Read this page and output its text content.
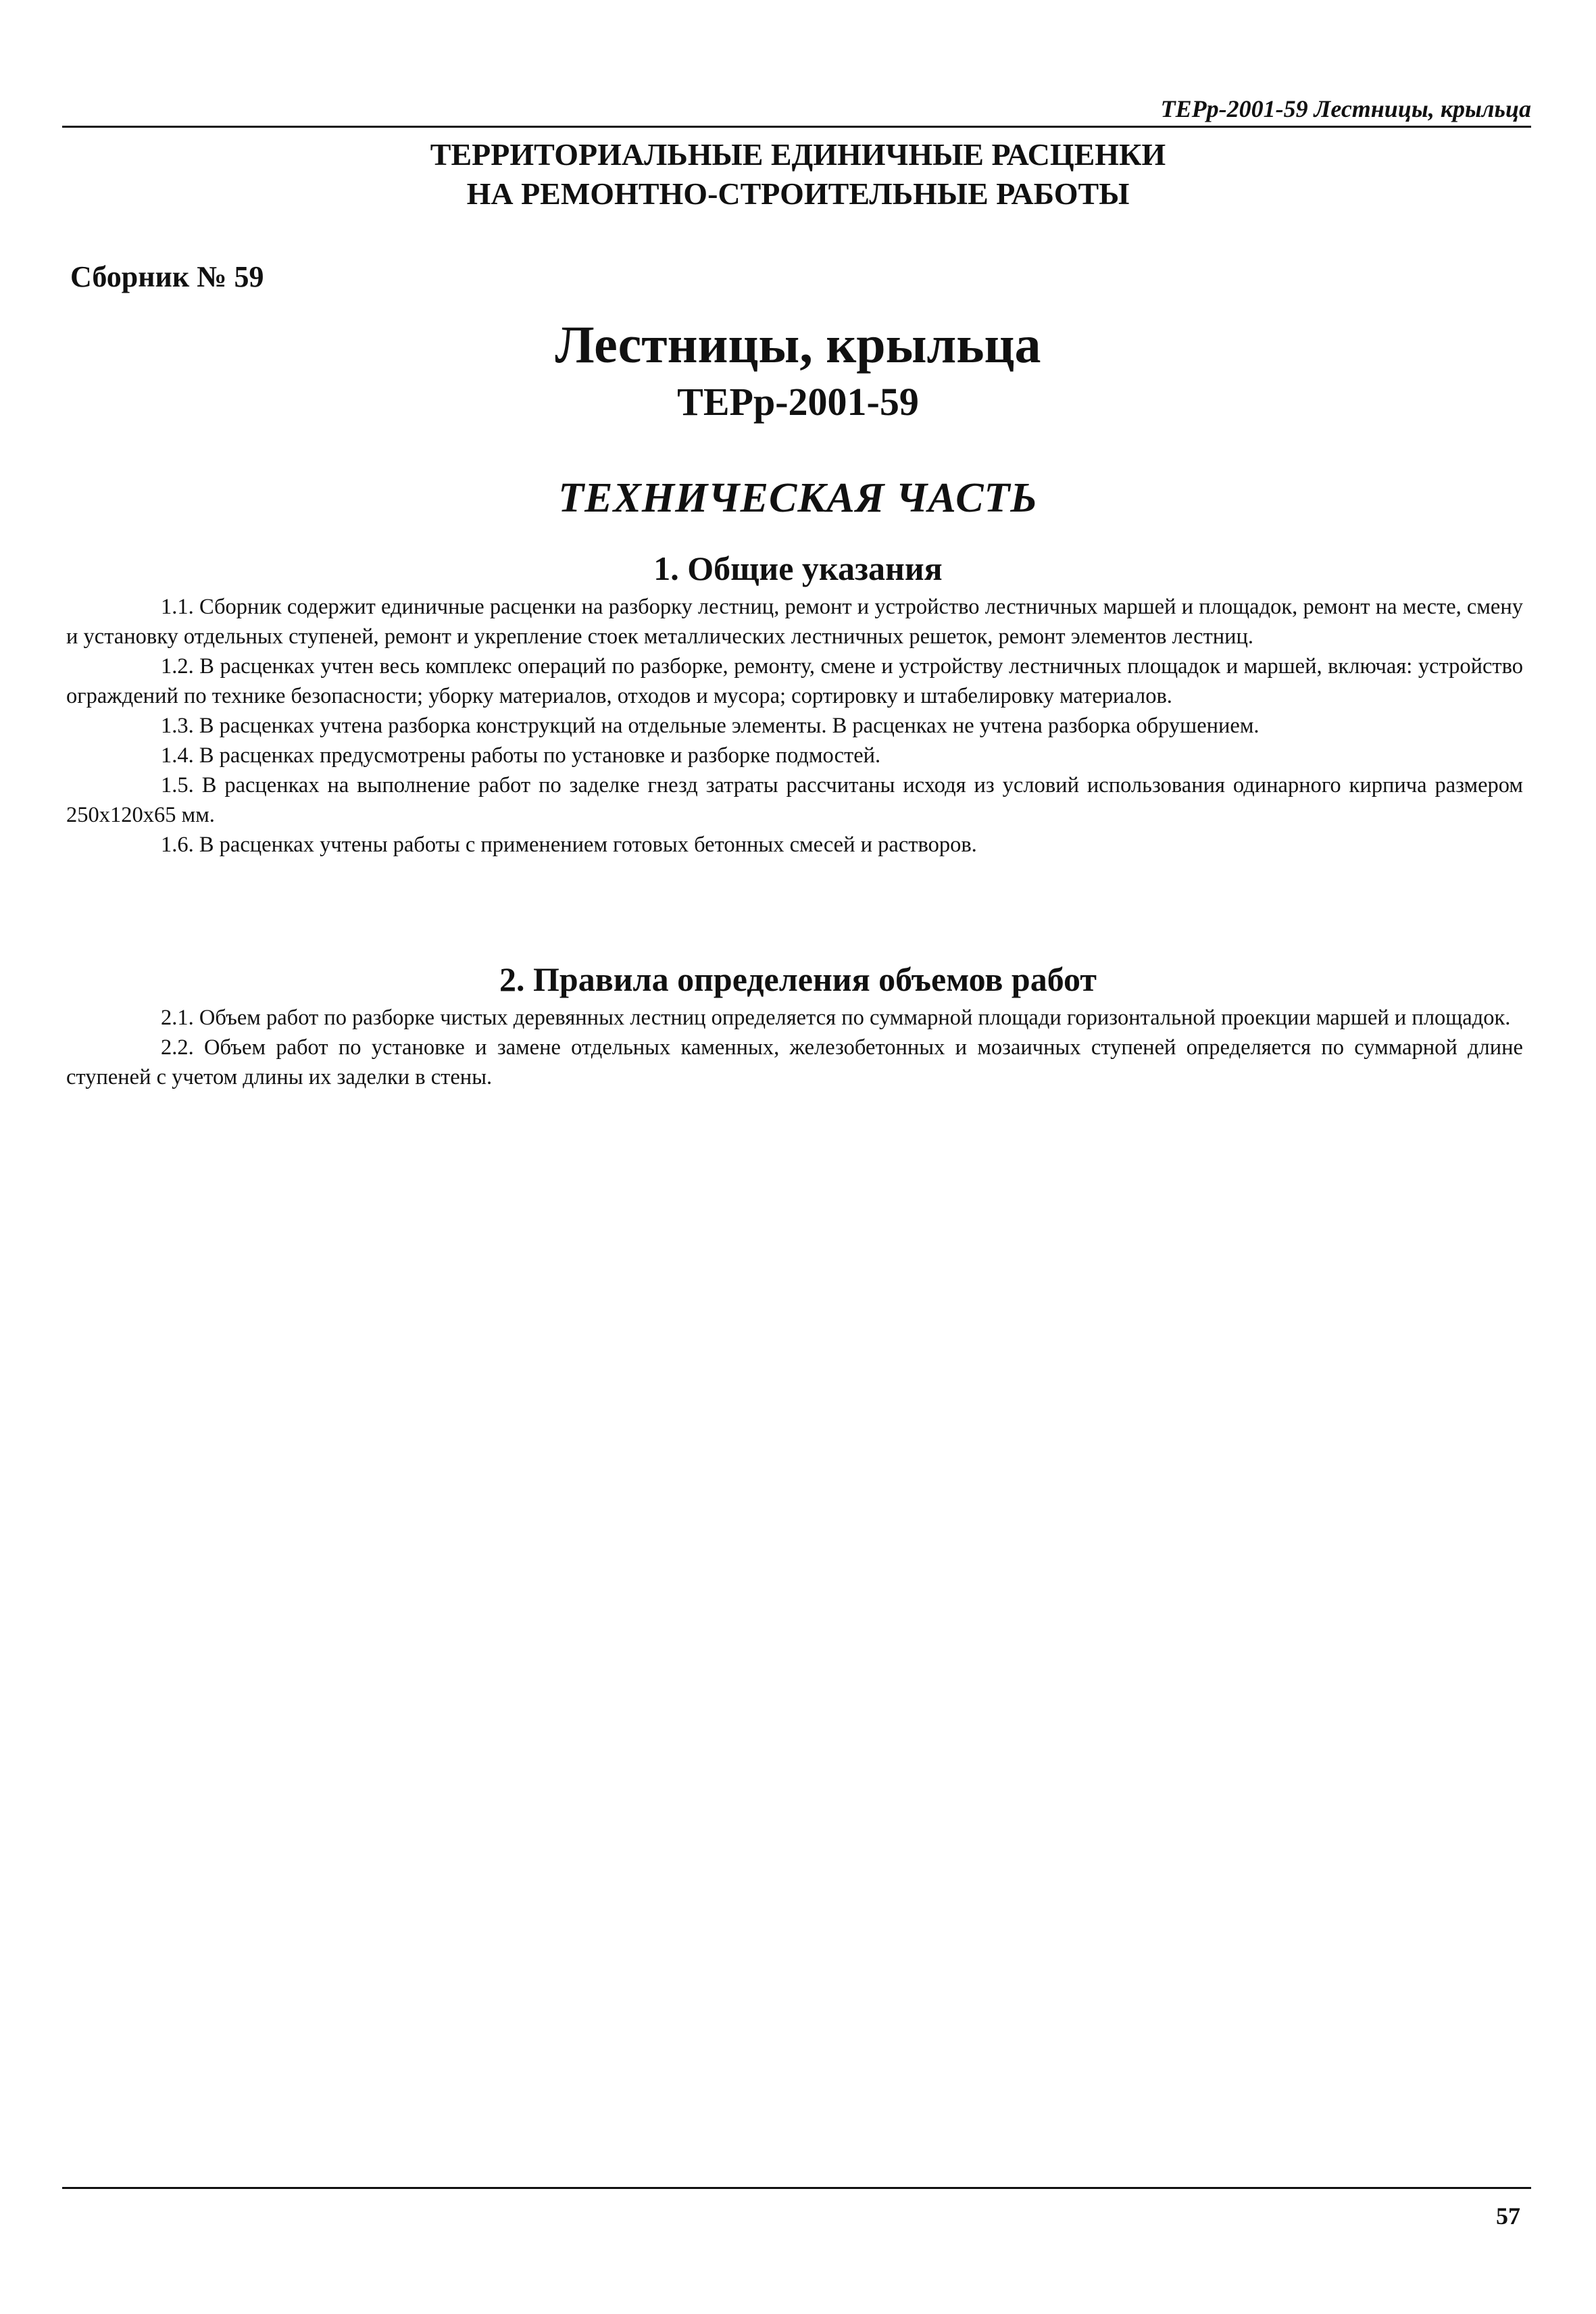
ТЕРр-2001-59 Лестницы, крыльца
ТЕРРИТОРИАЛЬНЫЕ ЕДИНИЧНЫЕ РАСЦЕНКИ
НА РЕМОНТНО-СТРОИТЕЛЬНЫЕ РАБОТЫ
Сборник № 59
Лестницы, крыльца
ТЕРр-2001-59
ТЕХНИЧЕСКАЯ ЧАСТЬ
1. Общие указания

1.1. Сборник содержит единичные расценки на разборку лестниц, ремонт и устройство лестничных маршей и площадок, ремонт на месте, смену и установку отдельных ступеней, ремонт и укрепление стоек металлических лестничных решеток, ремонт элементов лестниц.

1.2. В расценках учтен весь комплекс операций по разборке, ремонту, смене и устройству лестничных площадок и маршей, включая: устройство ограждений по технике безопасности; уборку материалов, отходов и мусора; сортировку и штабелировку материалов.

1.3. В расценках учтена разборка конструкций на отдельные элементы. В расценках не учтена разборка обрушением.

1.4. В расценках предусмотрены работы по установке и разборке подмостей.

1.5. В расценках на выполнение работ по заделке гнезд затраты рассчитаны исходя из условий использования одинарного кирпича размером 250x120x65 мм.

1.6. В расценках учтены работы с применением готовых бетонных смесей и растворов.

2. Правила определения объемов работ

2.1. Объем работ по разборке чистых деревянных лестниц определяется по суммарной площади горизонтальной проекции маршей и площадок.

2.2. Объем работ по установке и замене отдельных каменных, железобетонных и мозаичных ступеней определяется по суммарной длине ступеней с учетом длины их заделки в стены.

57
